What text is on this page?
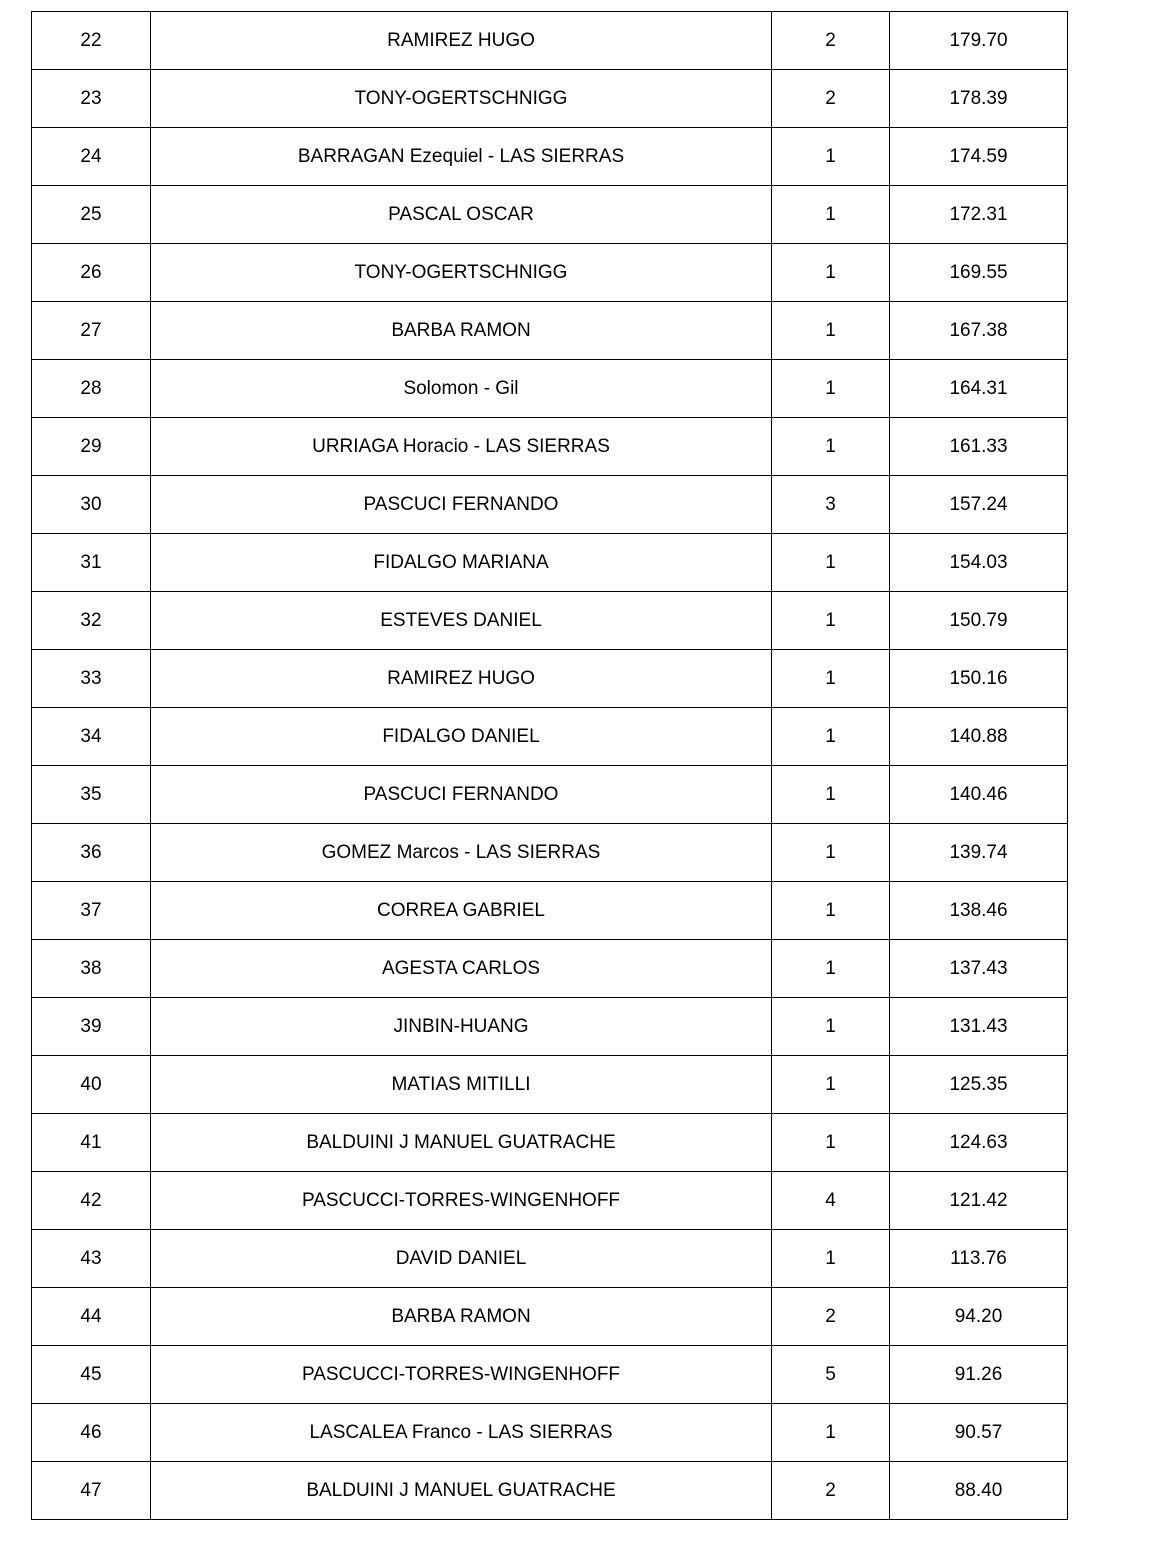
22	RAMIREZ HUGO	2	179.70
23	TONY-OGERTSCHNIGG	2	178.39
24	BARRAGAN Ezequiel - LAS SIERRAS	1	174.59
25	PASCAL OSCAR	1	172.31
26	TONY-OGERTSCHNIGG	1	169.55
27	BARBA RAMON	1	167.38
28	Solomon - Gil	1	164.31
29	URRIAGA Horacio - LAS SIERRAS	1	161.33
30	PASCUCI FERNANDO	3	157.24
31	FIDALGO MARIANA	1	154.03
32	ESTEVES DANIEL	1	150.79
33	RAMIREZ HUGO	1	150.16
34	FIDALGO DANIEL	1	140.88
35	PASCUCI FERNANDO	1	140.46
36	GOMEZ Marcos - LAS SIERRAS	1	139.74
37	CORREA GABRIEL	1	138.46
38	AGESTA CARLOS	1	137.43
39	JINBIN-HUANG	1	131.43
40	MATIAS MITILLI	1	125.35
41	BALDUINI J MANUEL GUATRACHE	1	124.63
42	PASCUCCI-TORRES-WINGENHOFF	4	121.42
43	DAVID DANIEL	1	113.76
44	BARBA RAMON	2	94.20
45	PASCUCCI-TORRES-WINGENHOFF	5	91.26
46	LASCALEA Franco - LAS SIERRAS	1	90.57
47	BALDUINI J MANUEL GUATRACHE	2	88.40
